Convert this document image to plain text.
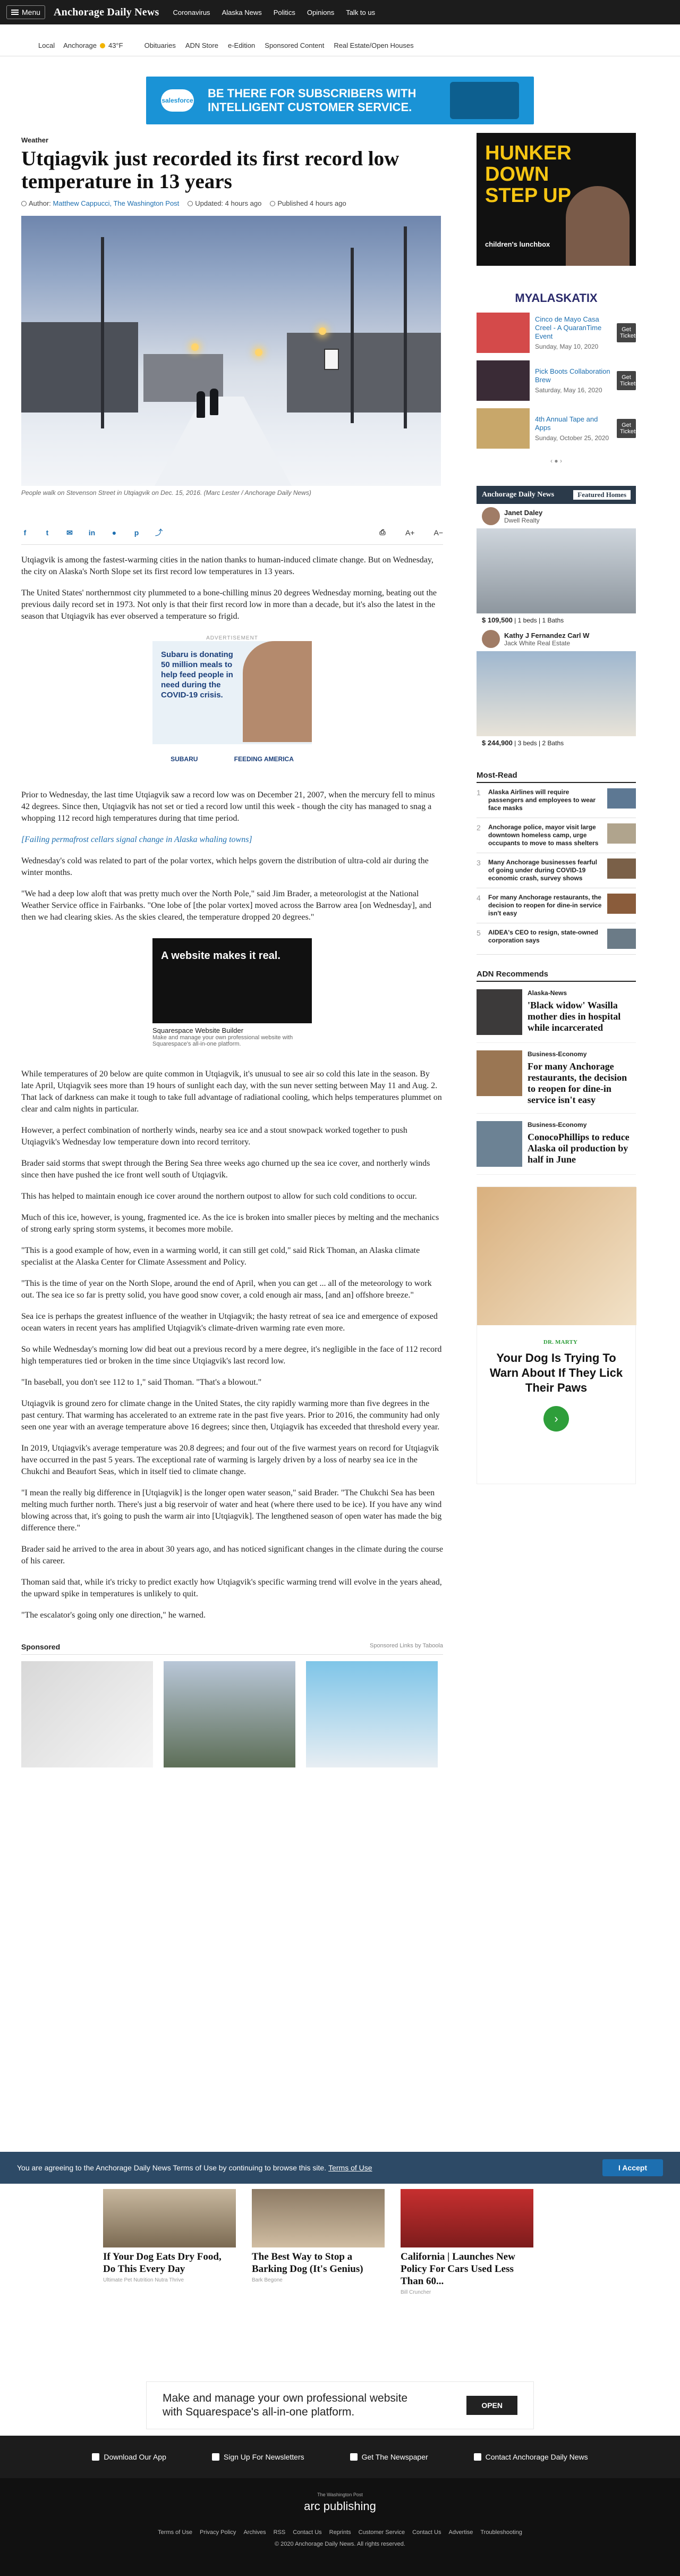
Menu Anchorage Daily News Coronavirus Alaska News Politics Opinions Talk to us
Local Anchorage 43°F	Obituaries ADN Store e-Edition Sponsored Content Real Estate/Open Houses
salesforce
BE THERE FOR SUBSCRIBERS WITH
INTELLIGENT CUSTOMER SERVICE.
Weather
Utqiagvik just recorded its first record low temperature in 13 years
Author: Matthew Cappucci, The Washington Post	Updated: 4 hours ago	Published 4 hours ago
People walk on Stevenson Street in Utqiagvik on Dec. 15, 2016. (Marc Lester / Anchorage Daily News)
f	t	✉ in ● p ⤴	⎙	A+	A−

Utqiagvik is among the fastest-warming cities in the nation thanks to human-induced climate change. But on Wednesday, the city on Alaska's North Slope set its first record low temperatures in 13 years.

The United States' northernmost city plummeted to a bone-chilling minus 20 degrees Wednesday morning, beating out the previous daily record set in 1973. Not only is that their first record low in more than a decade, but it's also the latest in the season that Utqiagvik has ever observed a temperature so frigid.

ADVERTISEMENT
Subaru is donating 50 million meals to help feed people in need during the COVID-19 crisis.
SUBARU	FEEDING AMERICA

Prior to Wednesday, the last time Utqiagvik saw a record low was on December 21, 2007, when the mercury fell to minus 42 degrees. Since then, Utqiagvik has not set or tied a record low until this week - though the city has managed to snag a whopping 112 record high temperatures during that time period.

[Failing permafrost cellars signal change in Alaska whaling towns]

Wednesday's cold was related to part of the polar vortex, which helps govern the distribution of ultra-cold air during the winter months.

"We had a deep low aloft that was pretty much over the North Pole," said Jim Brader, a meteorologist at the National Weather Service office in Fairbanks. "One lobe of [the polar vortex] moved across the Barrow area [on Wednesday], and then we had clearing skies. As the skies cleared, the temperature dropped 20 degrees."

A website makes it real.
Squarespace Website Builder
Make and manage your own professional website with Squarespace's all-in-one platform.

While temperatures of 20 below are quite common in Utqiagvik, it's unusual to see air so cold this late in the season. By late April, Utqiagvik sees more than 19 hours of sunlight each day, with the sun never setting between May 11 and Aug. 2. That lack of darkness can make it tough to take full advantage of radiational cooling, which helps temperatures plummet on clear and calm nights in particular.

However, a perfect combination of northerly winds, nearby sea ice and a stout snowpack worked together to push Utqiagvik's Wednesday low temperature down into record territory.

Brader said storms that swept through the Bering Sea three weeks ago churned up the sea ice cover, and northerly winds since then have pushed the ice front well south of Utqiagvik.

This has helped to maintain enough ice cover around the northern outpost to allow for such cold conditions to occur.

Much of this ice, however, is young, fragmented ice. As the ice is broken into smaller pieces by melting and the mechanics of strong early spring storm systems, it becomes more mobile.

"This is a good example of how, even in a warming world, it can still get cold," said Rick Thoman, an Alaska climate specialist at the Alaska Center for Climate Assessment and Policy.

"This is the time of year on the North Slope, around the end of April, when you can get ... all of the meteorology to work out. The sea ice so far is pretty solid, you have good snow cover, a cold enough air mass, [and an] offshore breeze."

Sea ice is perhaps the greatest influence of the weather in Utqiagvik; the hasty retreat of sea ice and emergence of exposed ocean waters in recent years has amplified Utqiagvik's climate-driven warming rate even more.

So while Wednesday's morning low did beat out a previous record by a mere degree, it's negligible in the face of 112 record high temperatures tied or broken in the time since Utqiagvik's last record low.

"In baseball, you don't see 112 to 1," said Thoman. "That's a blowout."

Utqiagvik is ground zero for climate change in the United States, the city rapidly warming more than five degrees in the past century. That warming has accelerated to an extreme rate in the past five years. Prior to 2016, the community had only seen one year with an average temperature above 16 degrees; since then, Utqiagvik has exceeded that threshold every year.

In 2019, Utqiagvik's average temperature was 20.8 degrees; and four out of the five warmest years on record for Utqiagvik have occurred in the past 5 years. The exceptional rate of warming is largely driven by a loss of nearby sea ice in the Chukchi and Beaufort Seas, which in itself tied to climate change.

"I mean the really big difference in [Utqiagvik] is the longer open water season," said Brader. "The Chukchi Sea has been melting much further north. There's just a big reservoir of water and heat (where there used to be ice). If you have any wind blowing across that, it's going to push the warm air into [Utqiagvik]. The lengthened season of open water has made the big difference there."

Brader said he arrived to the area in about 30 years ago, and has noticed significant changes in the climate during the course of his career.

Thoman said that, while it's tricky to predict exactly how Utqiagvik's specific warming trend will evolve in the years ahead, the upward spike in temperatures is unlikely to quit.

"The escalator's going only one direction," he warned.

Sponsored	Sponsored Links by Taboola
HUNKER
DOWN
STEP UP
children's lunchbox
MYALASKATIX
Cinco de Mayo Casa Creel - A QuaranTime Event
Sunday, May 10, 2020
Get Tickets
Pick Boots Collaboration Brew
Saturday, May 16, 2020
Get Tickets
4th Annual Tape and Apps
Sunday, October 25, 2020
Get Tickets
‹ ● ›
Anchorage Daily News	Featured Homes
Janet Daley
Dwell Realty
$ 109,500 | 1 beds | 1 Baths
Kathy J Fernandez Carl W
Jack White Real Estate
$ 244,900 | 3 beds | 2 Baths
Most-Read
1	Alaska Airlines will require passengers and employees to wear face masks
2	Anchorage police, mayor visit large downtown homeless camp, urge occupants to move to mass shelters
3	Many Anchorage businesses fearful of going under during COVID-19 economic crash, survey shows
4	For many Anchorage restaurants, the decision to reopen for dine-in service isn't easy
5	AIDEA's CEO to resign, state-owned corporation says
ADN Recommends
Alaska-News
'Black widow' Wasilla mother dies in hospital while incarcerated
Business-Economy
For many Anchorage restaurants, the decision to reopen for dine-in service isn't easy
Business-Economy
ConocoPhillips to reduce Alaska oil production by half in June
DR. MARTY
Your Dog Is Trying To Warn About If They Lick Their Paws
›
You are agreeing to the Anchorage Daily News Terms of Use by continuing to browse this site. Terms of Use	I Accept
If Your Dog Eats Dry Food, Do This Every Day
Ultimate Pet Nutrition Nutra Thrive
The Best Way to Stop a Barking Dog (It's Genius)
Bark Begone
California | Launches New Policy For Cars Used Less Than 60...
Bill Cruncher
Make and manage your own professional website with Squarespace's all-in-one platform.
OPEN
Download Our App	Sign Up For Newsletters	Get The Newspaper	Contact Anchorage Daily News
The Washington Post
arc publishing
Terms of Use Privacy Policy Archives RSS Contact Us Reprints Customer Service Contact Us Advertise Troubleshooting
© 2020 Anchorage Daily News. All rights reserved.
